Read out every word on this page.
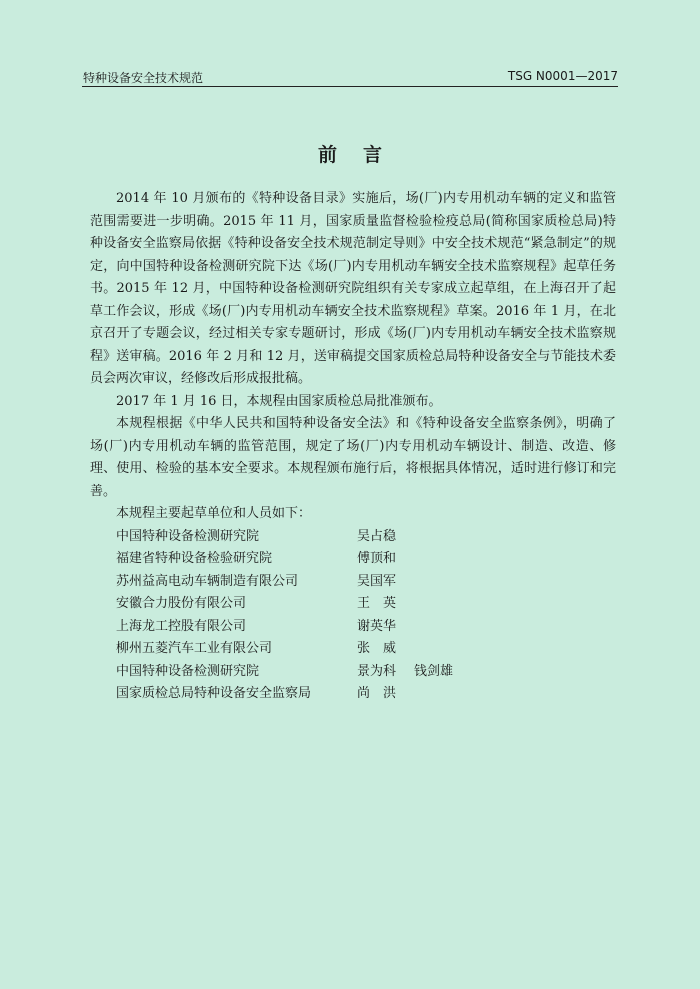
特种设备安全技术规范	TSG N0001—2017
前言

2014 年 10 月颁布的《特种设备目录》实施后，场(厂)内专用机动车辆的定义和监管范围需要进一步明确。2015 年 11 月，国家质量监督检验检疫总局(简称国家质检总局)特种设备安全监察局依据《特种设备安全技术规范制定导则》中安全技术规范“紧急制定”的规定，向中国特种设备检测研究院下达《场(厂)内专用机动车辆安全技术监察规程》起草任务书。2015 年 12 月，中国特种设备检测研究院组织有关专家成立起草组，在上海召开了起草工作会议，形成《场(厂)内专用机动车辆安全技术监察规程》草案。2016 年 1 月，在北京召开了专题会议，经过相关专家专题研讨，形成《场(厂)内专用机动车辆安全技术监察规程》送审稿。2016 年 2 月和 12 月，送审稿提交国家质检总局特种设备安全与节能技术委员会两次审议，经修改后形成报批稿。

2017 年 1 月 16 日，本规程由国家质检总局批准颁布。

本规程根据《中华人民共和国特种设备安全法》和《特种设备安全监察条例》，明确了场(厂)内专用机动车辆的监管范围，规定了场(厂)内专用机动车辆设计、制造、改造、修理、使用、检验的基本安全要求。本规程颁布施行后，将根据具体情况，适时进行修订和完善。

本规程主要起草单位和人员如下：

中国特种设备检测研究院	吴占稳
福建省特种设备检验研究院	傅顶和
苏州益高电动车辆制造有限公司	吴国军
安徽合力股份有限公司	王　英
上海龙工控股有限公司	谢英华
柳州五菱汽车工业有限公司	张　威
中国特种设备检测研究院	景为科 钱剑雄
国家质检总局特种设备安全监察局	尚　洪
